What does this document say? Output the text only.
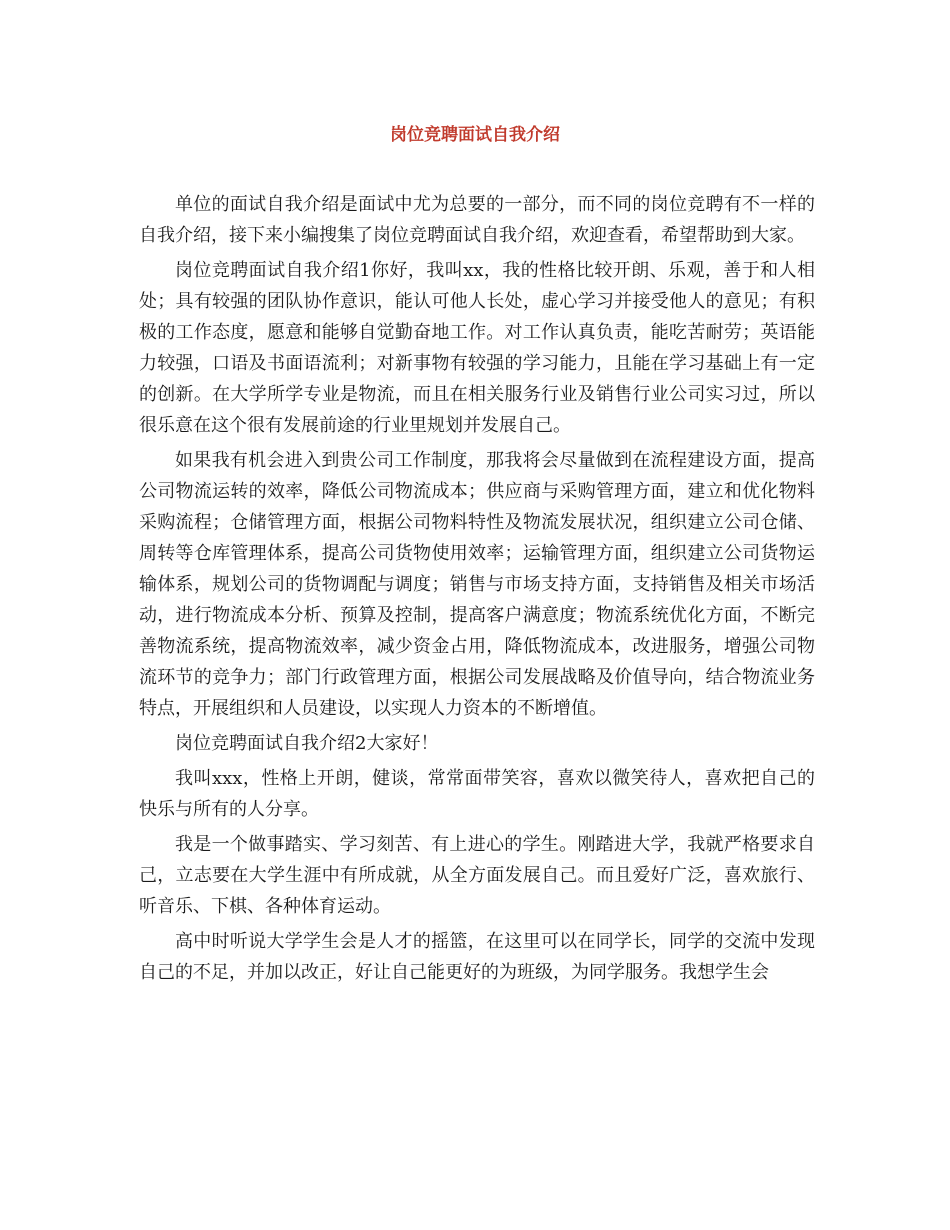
岗位竞聘面试自我介绍

单位的面试自我介绍是面试中尤为总要的一部分，而不同的岗位竞聘有不一样的自我介绍，接下来小编搜集了岗位竞聘面试自我介绍，欢迎查看，希望帮助到大家。

岗位竞聘面试自我介绍1你好，我叫xx，我的性格比较开朗、乐观，善于和人相处；具有较强的团队协作意识，能认可他人长处，虚心学习并接受他人的意见；有积极的工作态度，愿意和能够自觉勤奋地工作。对工作认真负责，能吃苦耐劳；英语能力较强，口语及书面语流利；对新事物有较强的学习能力，且能在学习基础上有一定的创新。在大学所学专业是物流，而且在相关服务行业及销售行业公司实习过，所以很乐意在这个很有发展前途的行业里规划并发展自己。

如果我有机会进入到贵公司工作制度，那我将会尽量做到在流程建设方面，提高公司物流运转的效率，降低公司物流成本；供应商与采购管理方面，建立和优化物料采购流程；仓储管理方面，根据公司物料特性及物流发展状况，组织建立公司仓储、周转等仓库管理体系，提高公司货物使用效率；运输管理方面，组织建立公司货物运输体系，规划公司的货物调配与调度；销售与市场支持方面，支持销售及相关市场活动，进行物流成本分析、预算及控制，提高客户满意度；物流系统优化方面，不断完善物流系统，提高物流效率，减少资金占用，降低物流成本，改进服务，增强公司物流环节的竞争力；部门行政管理方面，根据公司发展战略及价值导向，结合物流业务特点，开展组织和人员建设，以实现人力资本的不断增值。

岗位竞聘面试自我介绍2大家好！

我叫xxx，性格上开朗，健谈，常常面带笑容，喜欢以微笑待人，喜欢把自己的快乐与所有的人分享。

我是一个做事踏实、学习刻苦、有上进心的学生。刚踏进大学，我就严格要求自己，立志要在大学生涯中有所成就，从全方面发展自己。而且爱好广泛，喜欢旅行、听音乐、下棋、各种体育运动。

高中时听说大学学生会是人才的摇篮，在这里可以在同学长，同学的交流中发现自己的不足，并加以改正，好让自己能更好的为班级，为同学服务。我想学生会
